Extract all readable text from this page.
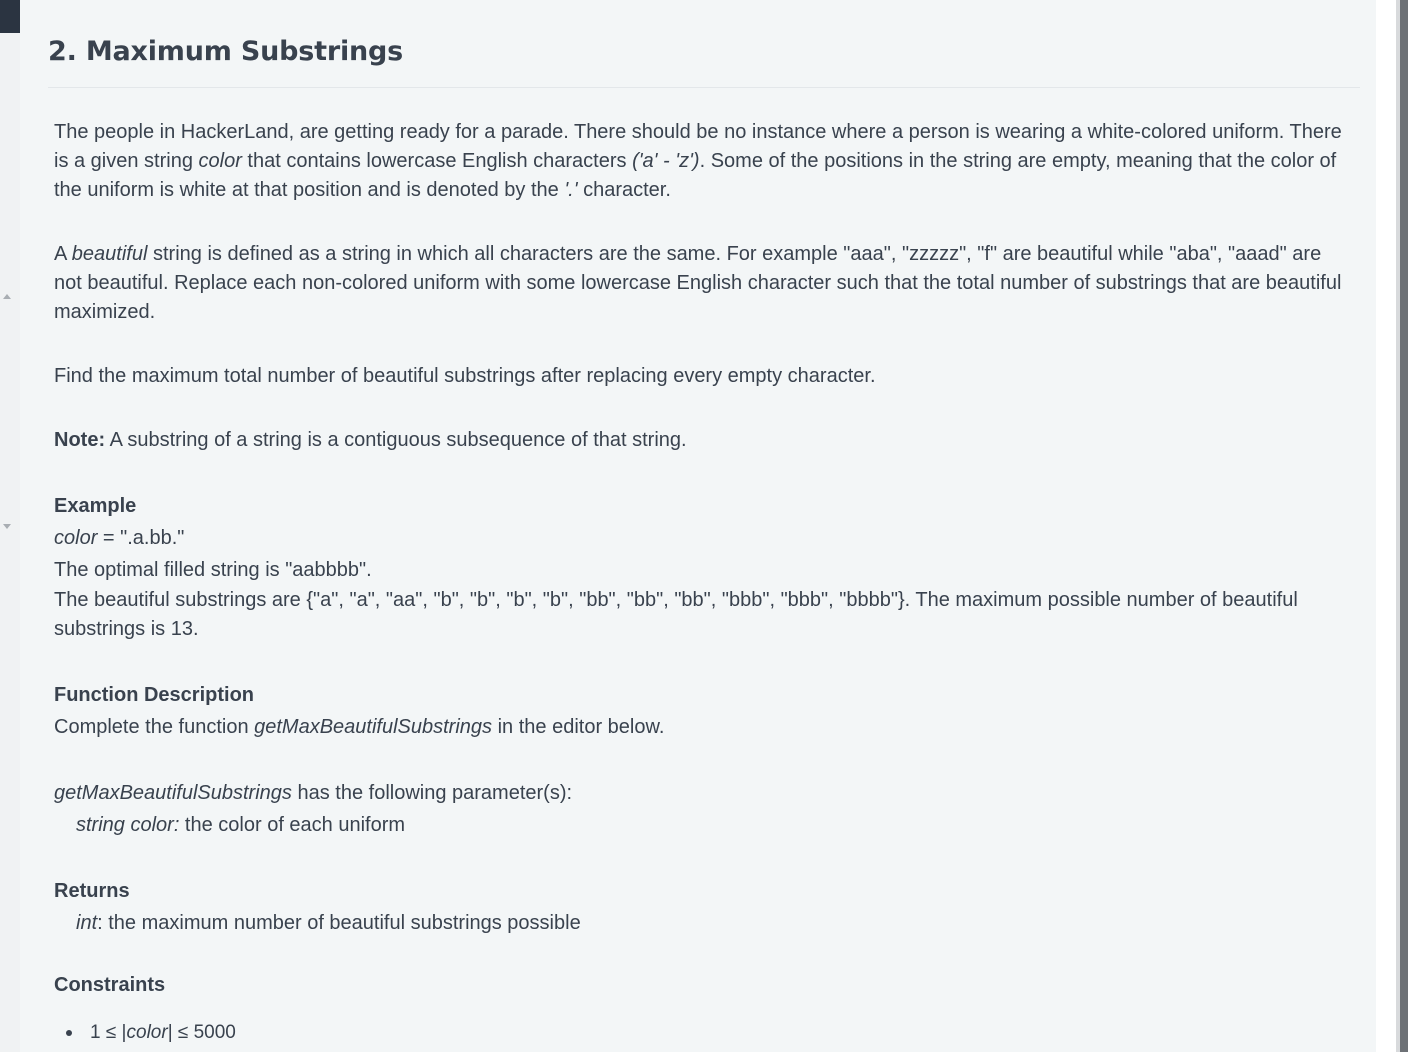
2. Maximum Substrings

The people in HackerLand, are getting ready for a parade. There should be no instance where a person is wearing a white-colored uniform. There is a given string color that contains lowercase English characters ('a' - 'z'). Some of the positions in the string are empty, meaning that the color of the uniform is white at that position and is denoted by the '.' character.

A beautiful string is defined as a string in which all characters are the same. For example "aaa", "zzzzz", "f" are beautiful while "aba", "aaad" are not beautiful. Replace each non-colored uniform with some lowercase English character such that the total number of substrings that are beautiful maximized.

Find the maximum total number of beautiful substrings after replacing every empty character.

Note: A substring of a string is a contiguous subsequence of that string.

Example
color = ".a.bb."
The optimal filled string is "aabbbb".

The beautiful substrings are {"a", "a", "aa", "b", "b", "b", "b", "bb", "bb", "bb", "bbb", "bbb", "bbbb"}. The maximum possible number of beautiful substrings is 13.

Function Description
Complete the function getMaxBeautifulSubstrings in the editor below.
getMaxBeautifulSubstrings has the following parameter(s):
string color: the color of each uniform
Returns
int: the maximum number of beautiful substrings possible
Constraints
1 ≤ |color| ≤ 5000
